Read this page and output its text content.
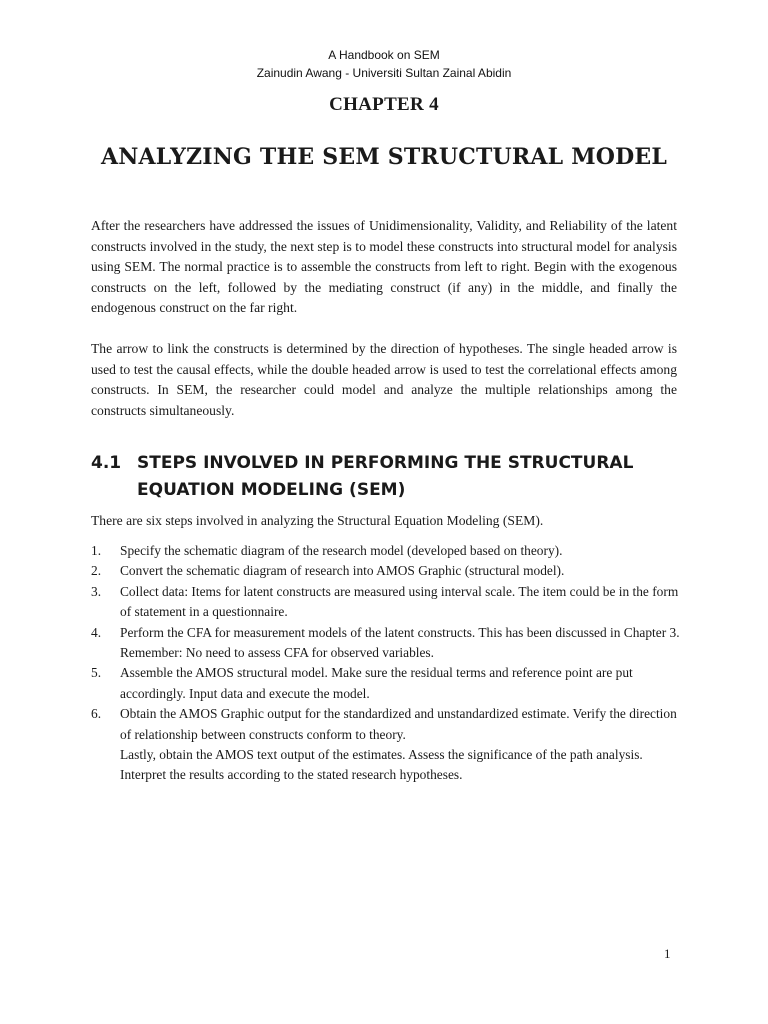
A Handbook on SEM
Zainudin Awang - Universiti Sultan Zainal Abidin
CHAPTER 4
ANALYZING THE SEM STRUCTURAL MODEL

After the researchers have addressed the issues of Unidimensionality, Validity, and Reliability of the latent constructs involved in the study, the next step is to model these constructs into structural model for analysis using SEM. The normal practice is to assemble the constructs from left to right. Begin with the exogenous constructs on the left, followed by the mediating construct (if any) in the middle, and finally the endogenous construct on the far right.

The arrow to link the constructs is determined by the direction of hypotheses. The single headed arrow is used to test the causal effects, while the double headed arrow is used to test the correlational effects among constructs. In SEM, the researcher could model and analyze the multiple relationships among the constructs simultaneously.

4.1 STEPS INVOLVED IN PERFORMING THE STRUCTURAL EQUATION MODELING (SEM)
There are six steps involved in analyzing the Structural Equation Modeling (SEM).
1. Specify the schematic diagram of the research model (developed based on theory).
2. Convert the schematic diagram of research into AMOS Graphic (structural model).
3. Collect data: Items for latent constructs are measured using interval scale. The item could be in the form of statement in a questionnaire.
4. Perform the CFA for measurement models of the latent constructs. This has been discussed in Chapter 3. Remember: No need to assess CFA for observed variables.
5. Assemble the AMOS structural model. Make sure the residual terms and reference point are put accordingly. Input data and execute the model.
6. Obtain the AMOS Graphic output for the standardized and unstandardized estimate. Verify the direction of relationship between constructs conform to theory.
Lastly, obtain the AMOS text output of the estimates. Assess the significance of the path analysis. Interpret the results according to the stated research hypotheses.
1
